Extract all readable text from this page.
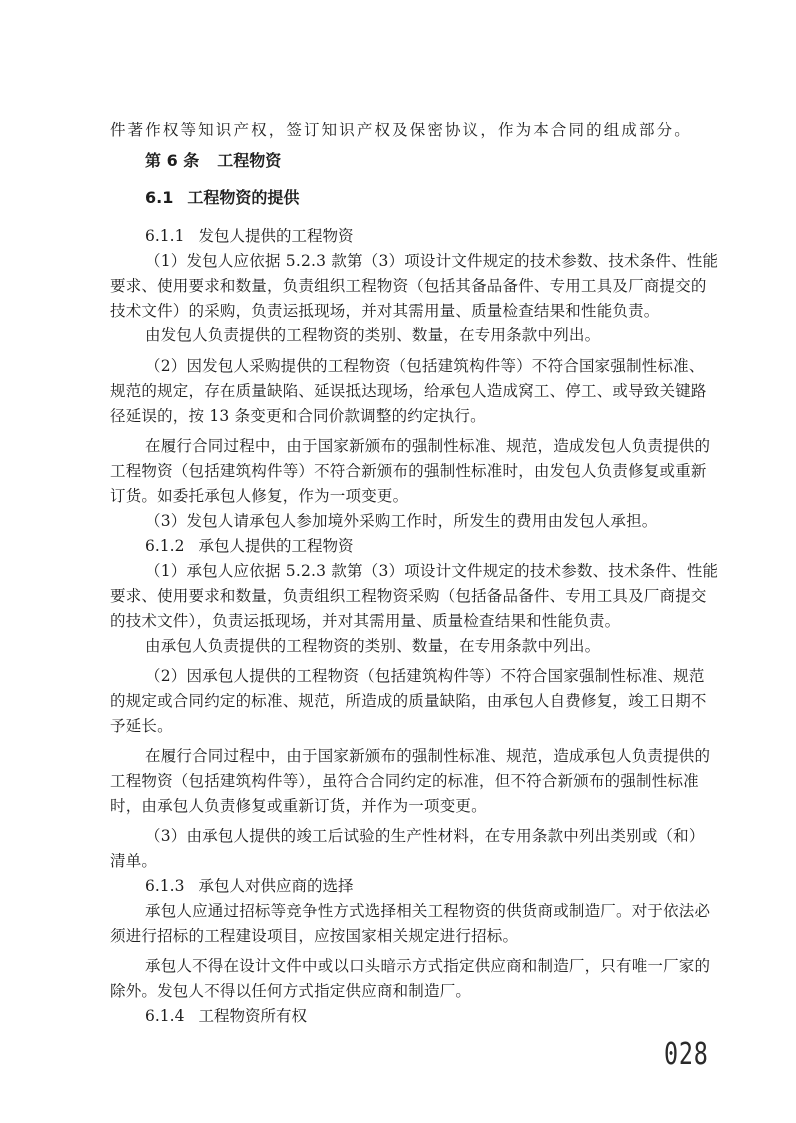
件著作权等知识产权，签订知识产权及保密协议，作为本合同的组成部分。
第 6 条 工程物资
6.1 工程物资的提供
6.1.1 发包人提供的工程物资
（1）发包人应依据 5.2.3 款第（3）项设计文件规定的技术参数、技术条件、性能
要求、使用要求和数量，负责组织工程物资（包括其备品备件、专用工具及厂商提交的
技术文件）的采购，负责运抵现场，并对其需用量、质量检查结果和性能负责。
由发包人负责提供的工程物资的类别、数量，在专用条款中列出。
（2）因发包人采购提供的工程物资（包括建筑构件等）不符合国家强制性标准、
规范的规定，存在质量缺陷、延误抵达现场，给承包人造成窝工、停工、或导致关键路
径延误的，按 13 条变更和合同价款调整的约定执行。
在履行合同过程中，由于国家新颁布的强制性标准、规范，造成发包人负责提供的
工程物资（包括建筑构件等）不符合新颁布的强制性标准时，由发包人负责修复或重新
订货。如委托承包人修复，作为一项变更。
（3）发包人请承包人参加境外采购工作时，所发生的费用由发包人承担。
6.1.2 承包人提供的工程物资
（1）承包人应依据 5.2.3 款第（3）项设计文件规定的技术参数、技术条件、性能
要求、使用要求和数量，负责组织工程物资采购（包括备品备件、专用工具及厂商提交
的技术文件），负责运抵现场，并对其需用量、质量检查结果和性能负责。
由承包人负责提供的工程物资的类别、数量，在专用条款中列出。
（2）因承包人提供的工程物资（包括建筑构件等）不符合国家强制性标准、规范
的规定或合同约定的标准、规范，所造成的质量缺陷，由承包人自费修复，竣工日期不
予延长。
在履行合同过程中，由于国家新颁布的强制性标准、规范，造成承包人负责提供的
工程物资（包括建筑构件等），虽符合合同约定的标准，但不符合新颁布的强制性标准
时，由承包人负责修复或重新订货，并作为一项变更。
（3）由承包人提供的竣工后试验的生产性材料，在专用条款中列出类别或（和）
清单。
6.1.3 承包人对供应商的选择
承包人应通过招标等竞争性方式选择相关工程物资的供货商或制造厂。对于依法必
须进行招标的工程建设项目，应按国家相关规定进行招标。
承包人不得在设计文件中或以口头暗示方式指定供应商和制造厂，只有唯一厂家的
除外。发包人不得以任何方式指定供应商和制造厂。
6.1.4 工程物资所有权
028
